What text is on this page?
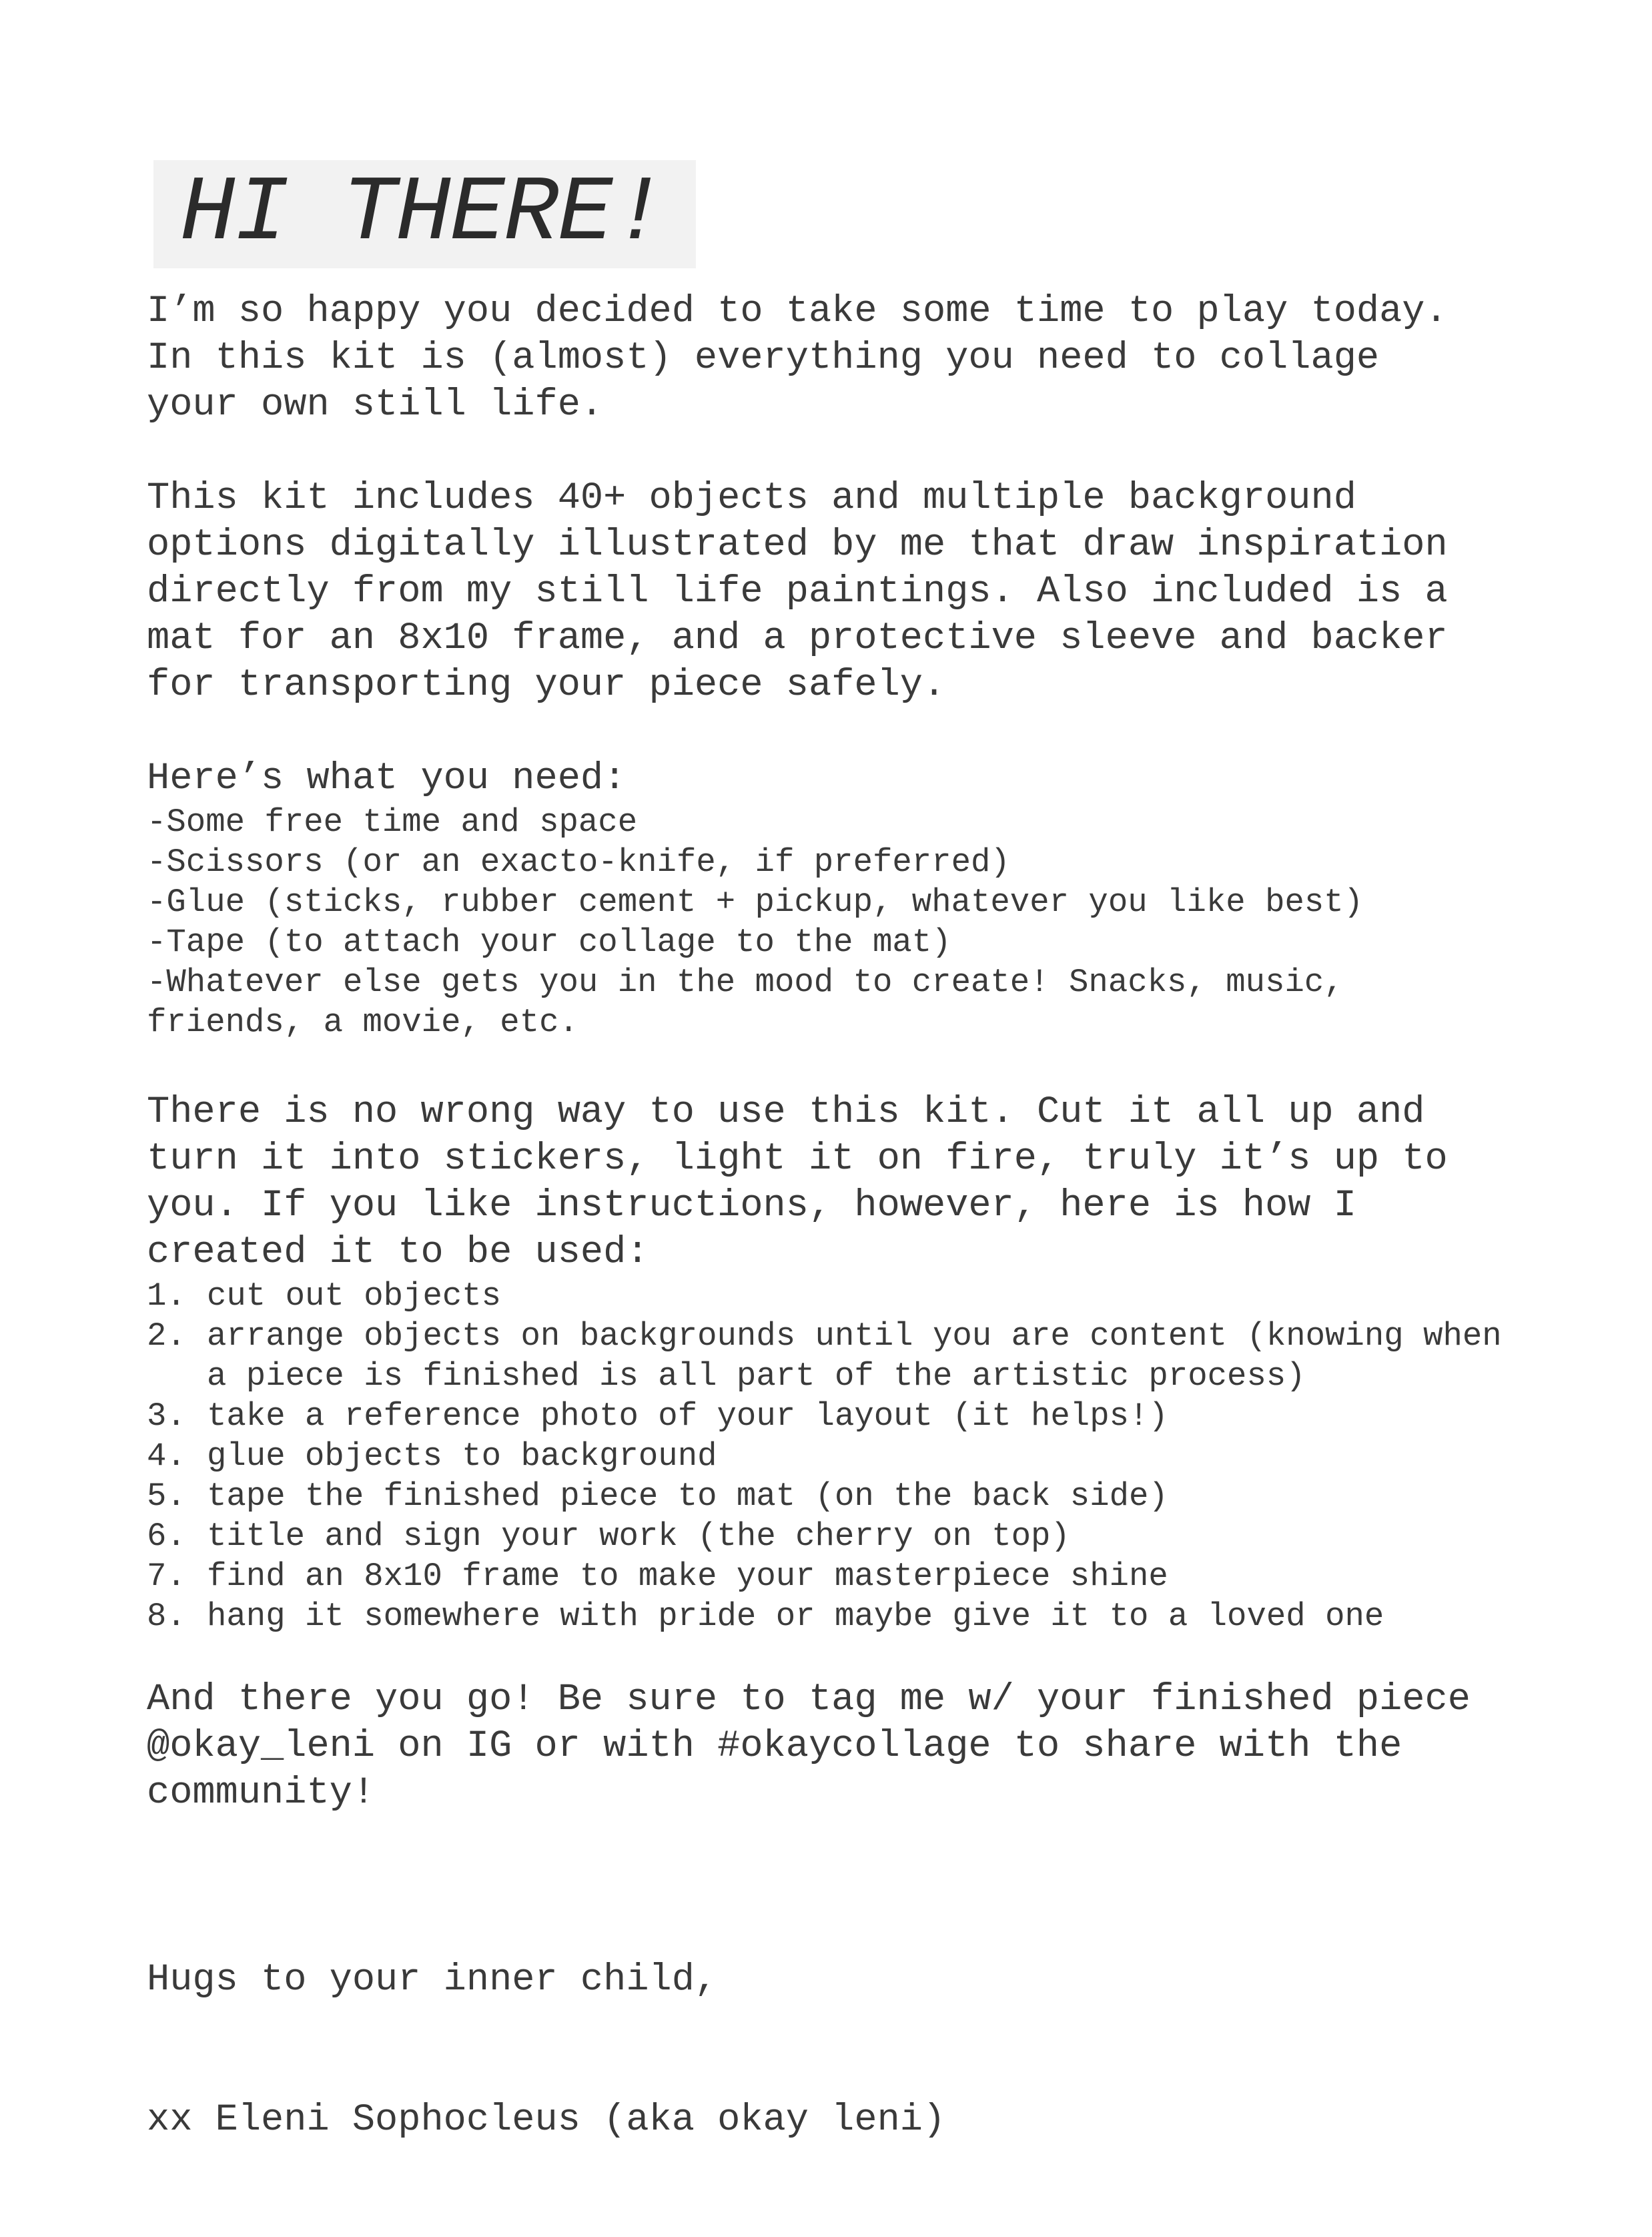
HI THERE!

I’m so happy you decided to take some time to play today.
In this kit is (almost) everything you need to collage
your own still life.

This kit includes 40+ objects and multiple background
options digitally illustrated by me that draw inspiration
directly from my still life paintings. Also included is a
mat for an 8x10 frame, and a protective sleeve and backer
for transporting your piece safely.

Here’s what you need:

-Some free time and space
-Scissors (or an exacto-knife, if preferred)
-Glue (sticks, rubber cement + pickup, whatever you like best)
-Tape (to attach your collage to the mat)
-Whatever else gets you in the mood to create! Snacks, music,
friends, a movie, etc.

There is no wrong way to use this kit. Cut it all up and
turn it into stickers, light it on fire, truly it’s up to
you. If you like instructions, however, here is how I
created it to be used:

1. cut out objects
2. arrange objects on backgrounds until you are content (knowing when a piece is finished is all part of the artistic process)
3. take a reference photo of your layout (it helps!)
4. glue objects to background
5. tape the finished piece to mat (on the back side)
6. title and sign your work (the cherry on top)
7. find an 8x10 frame to make your masterpiece shine
8. hang it somewhere with pride or maybe give it to a loved one

And there you go! Be sure to tag me w/ your finished piece
@okay_leni on IG or with #okaycollage to share with the
community!

Hugs to your inner child,

xx Eleni Sophocleus (aka okay leni)
